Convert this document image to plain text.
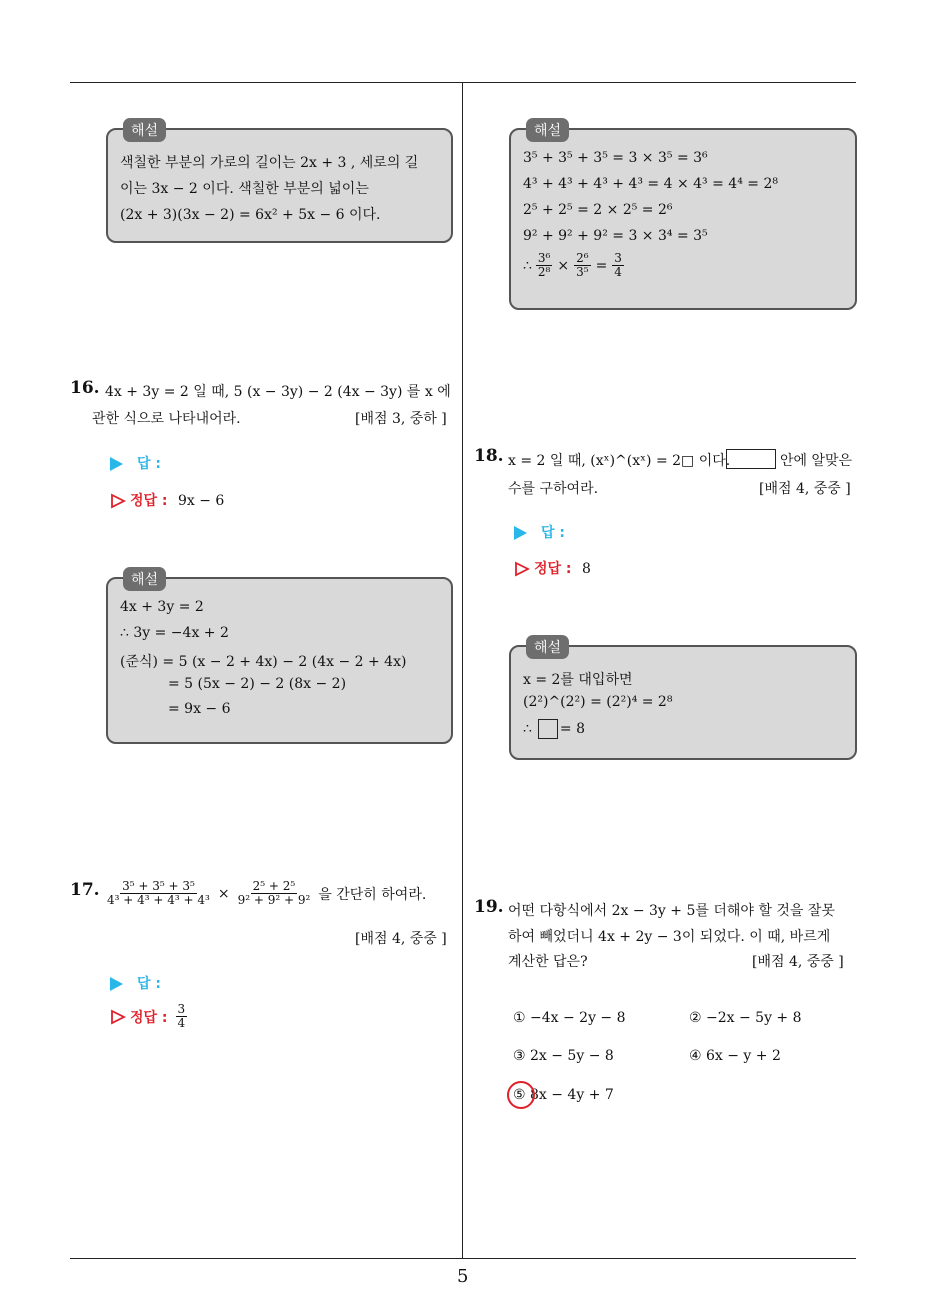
5
해설
색칠한 부분의 가로의 길이는 2x + 3 , 세로의 길
이는 3x − 2 이다. 색칠한 부분의 넓이는
(2x + 3)(3x − 2) = 6x² + 5x − 6 이다.
16. 4x + 3y = 2 일 때, 5 (x − 3y) − 2 (4x − 3y) 를 x 에
관한 식으로 나타내어라.	[배점 3, 중하 ]
답 :
정답 : 9x − 6
해설
4x + 3y = 2
∴ 3y = −4x + 2
(준식) = 5 (x − 2 + 4x) − 2 (4x − 2 + 4x)
= 5 (5x − 2) − 2 (8x − 2)
= 9x − 6
17. $\frac{\text{3⁵ + 3⁵ + 3⁵}}{\text{4³ + 4³ + 4³ + 4³}} \times \frac{\text{2⁵ + 2⁵}}{\text{9² + 9² + 9²}}$ 을 간단히 하여라.
[배점 4, 중중 ]
답 :
정답 : $\frac{3}{4}$
해설
3⁵ + 3⁵ + 3⁵ = 3 × 3⁵ = 3⁶
4³ + 4³ + 4³ + 4³ = 4 × 4³ = 4⁴ = 2⁸
2⁵ + 2⁵ = 2 × 2⁵ = 2⁶
9² + 9² + 9² = 3 × 3⁴ = 3⁵
∴ $\frac{\text{3⁶}}{\text{2⁸}} \times \frac{\text{2⁶}}{\text{3⁵}} = \frac{3}{4}$
18. x = 2 일 때, (xˣ)^(xˣ) = 2□ 이다.	안에 알맞은
수를 구하여라.	[배점 4, 중중 ]
답 :
정답 : 8
해설
x = 2를 대입하면
(2²)^(2²) = (2²)⁴ = 2⁸
∴ = 8
19. 어떤 다항식에서 2x − 3y + 5를 더해야 할 것을 잘못
하여 빼었더니 4x + 2y − 3이 되었다. 이 때, 바르게
계산한 답은?	[배점 4, 중중 ]
① −4x − 2y − 8	② −2x − 5y + 8
③ 2x − 5y − 8	④ 6x − y + 2
⑤ 8x − 4y + 7
